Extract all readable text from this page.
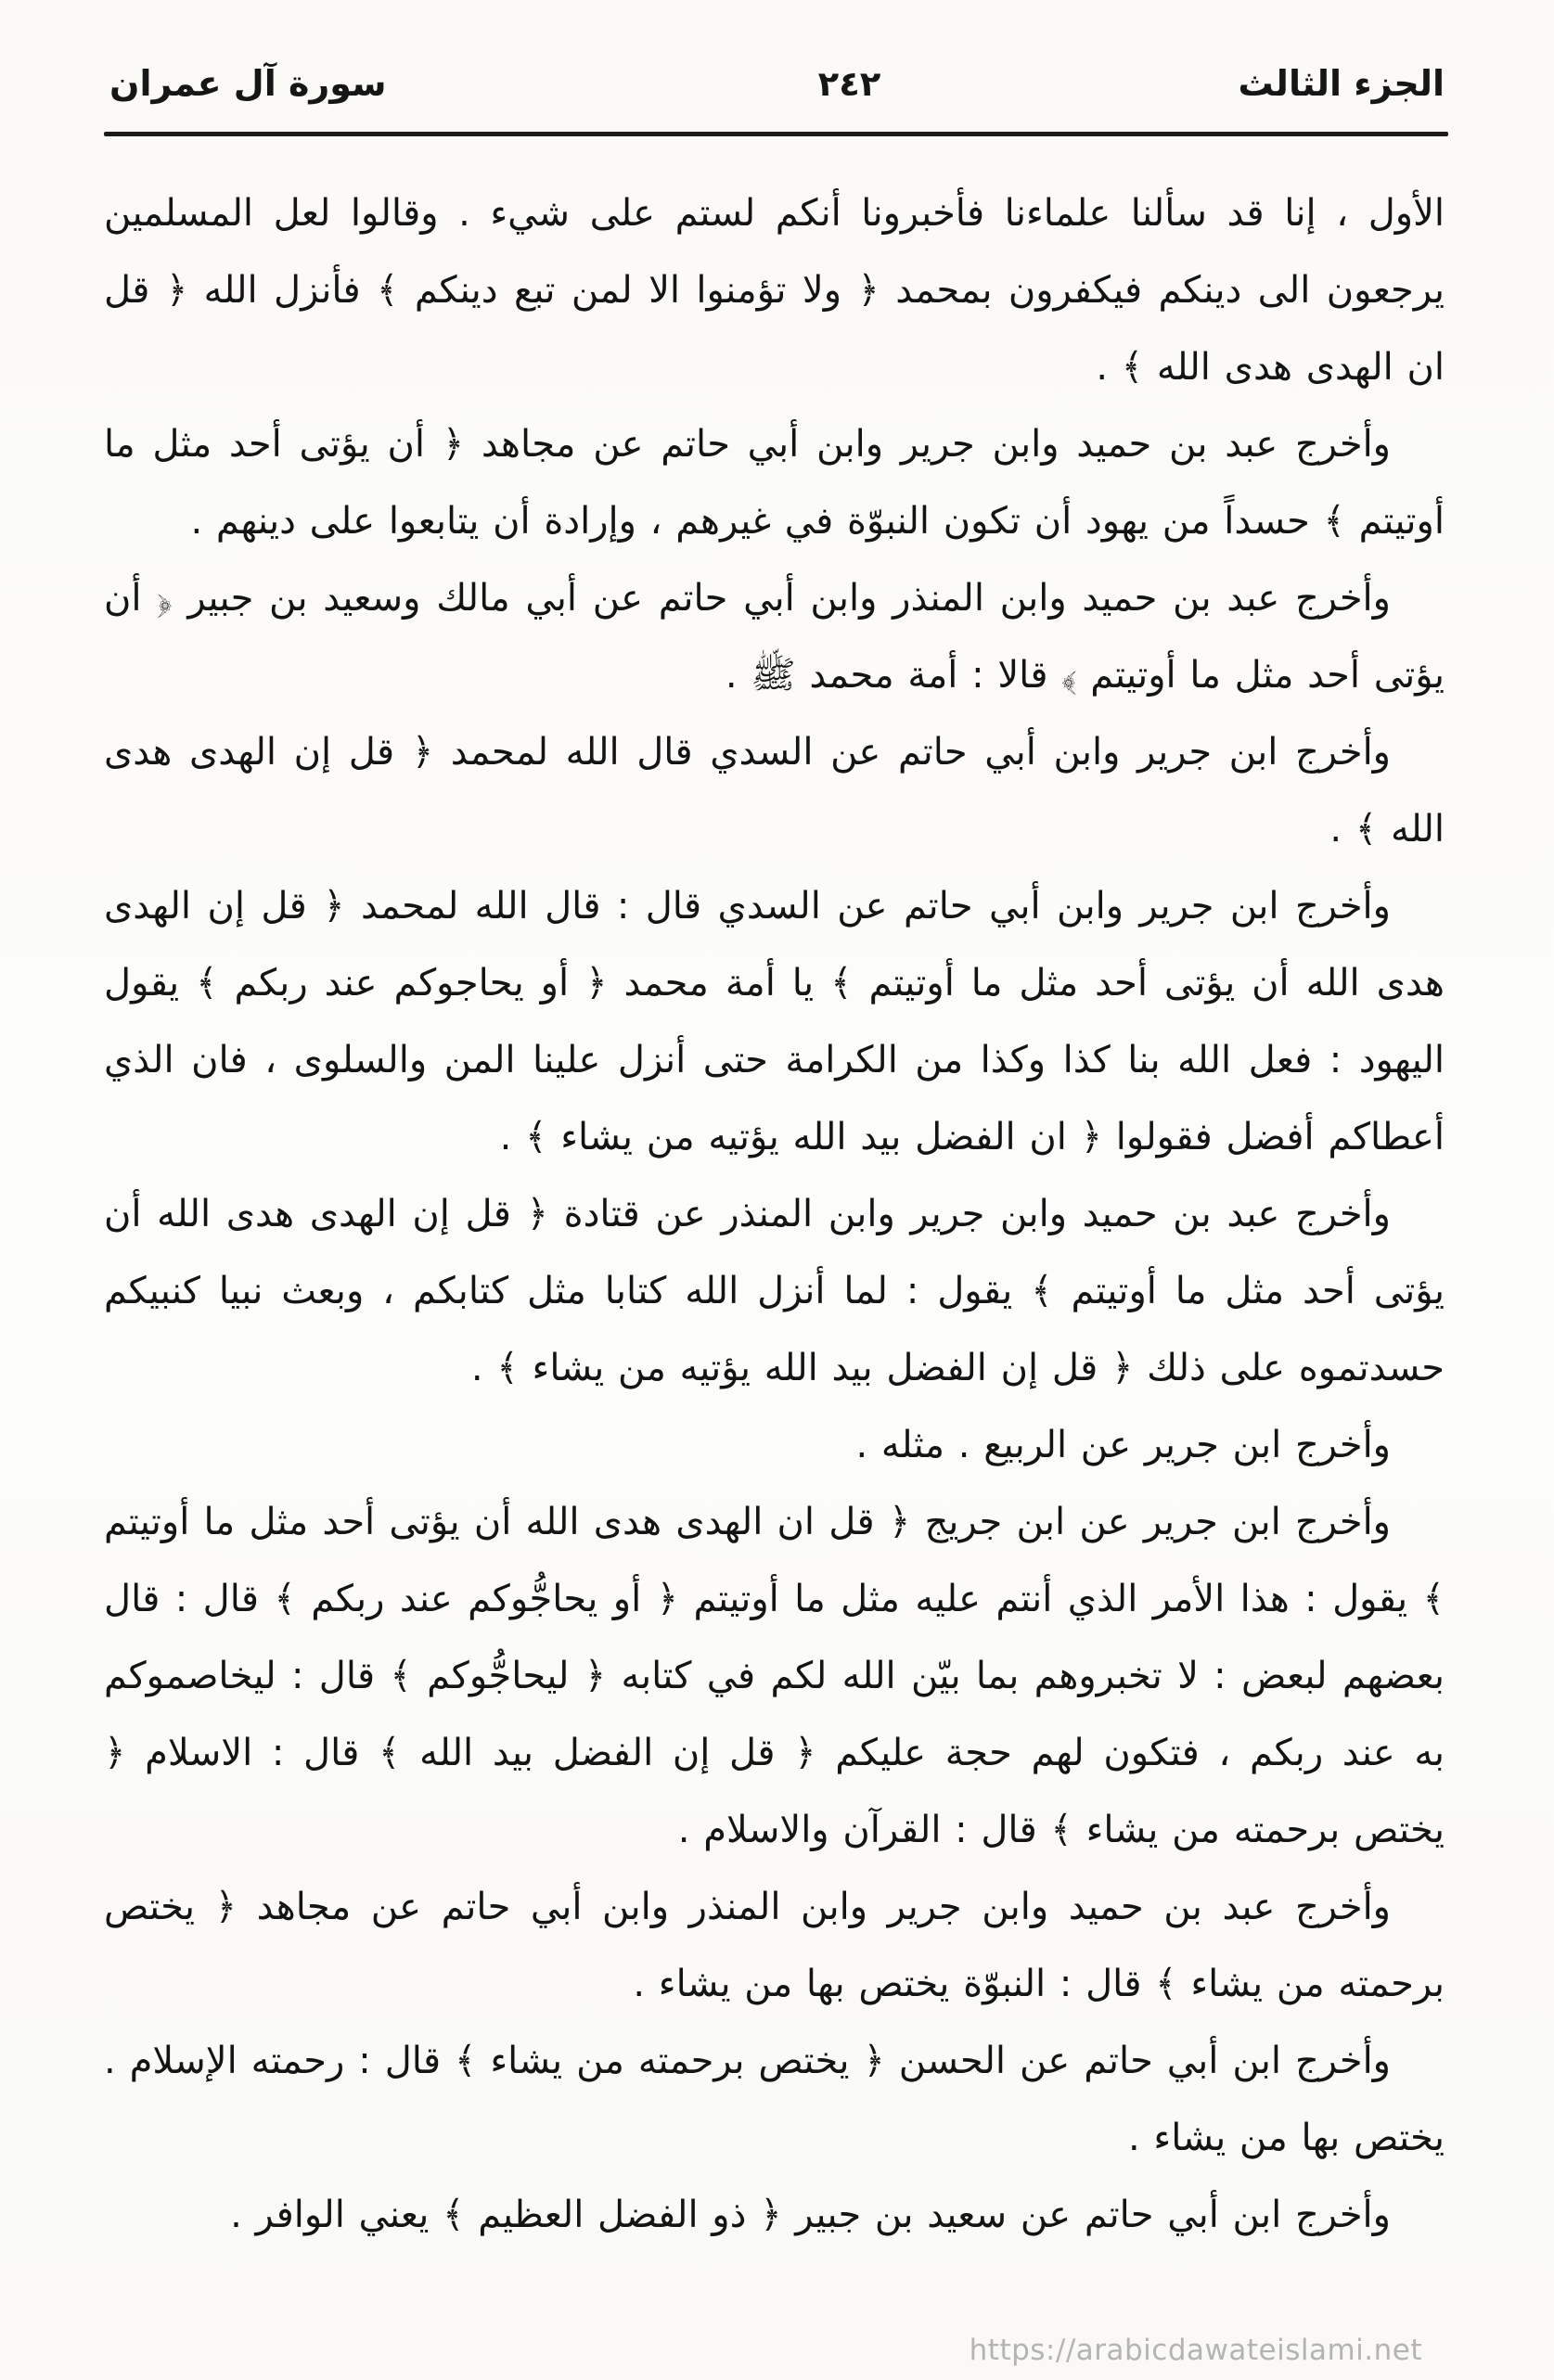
الجزء الثالث
٢٤٢
سورة آل عمران

الأول ، إنا قد سألنا علماءنا فأخبرونا أنكم لستم على شيء . وقالوا لعل المسلمين يرجعون الى دينكم فيكفرون بمحمد ﴿ ولا تؤمنوا الا لمن تبع دينكم ﴾ فأنزل الله ﴿ قل ان الهدى هدى الله ﴾ .

وأخرج عبد بن حميد وابن جرير وابن أبي حاتم عن مجاهد ﴿ أن يؤتى أحد مثل ما أوتيتم ﴾ حسداً من يهود أن تكون النبوّة في غيرهم ، وإرادة أن يتابعوا على دينهم .

وأخرج عبد بن حميد وابن المنذر وابن أبي حاتم عن أبي مالك وسعيد بن جبير ﴿ أن يؤتى أحد مثل ما أوتيتم ﴾ قالا : أمة محمد ﷺ .

وأخرج ابن جرير وابن أبي حاتم عن السدي قال الله لمحمد ﴿ قل إن الهدى هدى الله ﴾ .

وأخرج ابن جرير وابن أبي حاتم عن السدي قال : قال الله لمحمد ﴿ قل إن الهدى هدى الله أن يؤتى أحد مثل ما أوتيتم ﴾ يا أمة محمد ﴿ أو يحاجوكم عند ربكم ﴾ يقول اليهود : فعل الله بنا كذا وكذا من الكرامة حتى أنزل علينا المن والسلوى ، فان الذي أعطاكم أفضل فقولوا ﴿ ان الفضل بيد الله يؤتيه من يشاء ﴾ .

وأخرج عبد بن حميد وابن جرير وابن المنذر عن قتادة ﴿ قل إن الهدى هدى الله أن يؤتى أحد مثل ما أوتيتم ﴾ يقول : لما أنزل الله كتابا مثل كتابكم ، وبعث نبيا كنبيكم حسدتموه على ذلك ﴿ قل إن الفضل بيد الله يؤتيه من يشاء ﴾ .

وأخرج ابن جرير عن الربيع . مثله .

وأخرج ابن جرير عن ابن جريج ﴿ قل ان الهدى هدى الله أن يؤتى أحد مثل ما أوتيتم ﴾ يقول : هذا الأمر الذي أنتم عليه مثل ما أوتيتم ﴿ أو يحاجُّوكم عند ربكم ﴾ قال : قال بعضهم لبعض : لا تخبروهم بما بيّن الله لكم في كتابه ﴿ ليحاجُّوكم ﴾ قال : ليخاصموكم به عند ربكم ، فتكون لهم حجة عليكم ﴿ قل إن الفضل بيد الله ﴾ قال : الاسلام ﴿ يختص برحمته من يشاء ﴾ قال : القرآن والاسلام .

وأخرج عبد بن حميد وابن جرير وابن المنذر وابن أبي حاتم عن مجاهد ﴿ يختص برحمته من يشاء ﴾ قال : النبوّة يختص بها من يشاء .

وأخرج ابن أبي حاتم عن الحسن ﴿ يختص برحمته من يشاء ﴾ قال : رحمته الإسلام . يختص بها من يشاء .

وأخرج ابن أبي حاتم عن سعيد بن جبير ﴿ ذو الفضل العظيم ﴾ يعني الوافر .

https://arabicdawateislami.net
